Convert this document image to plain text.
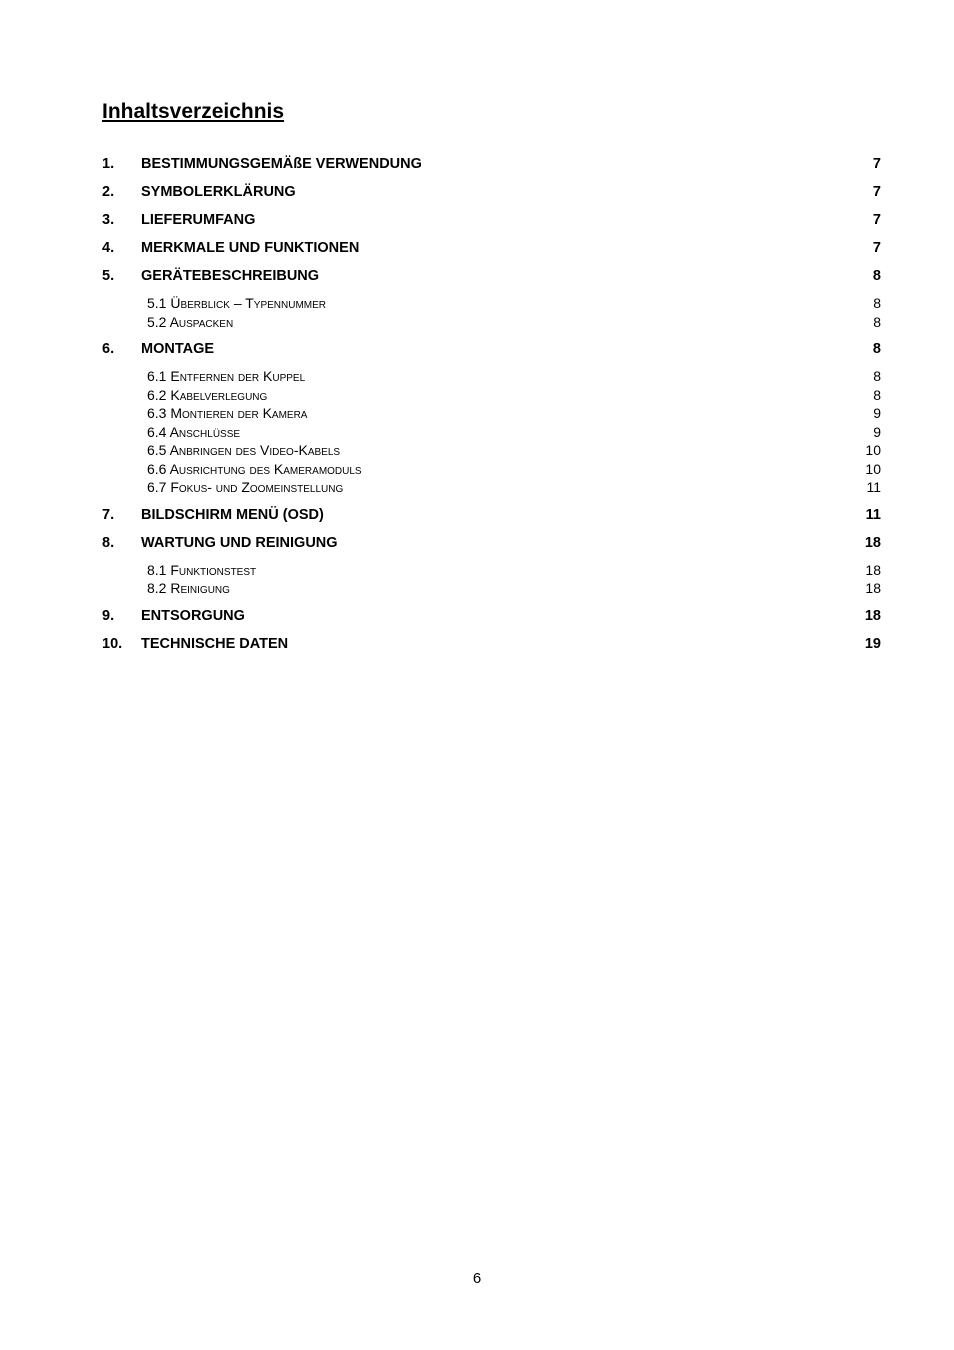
Inhaltsverzeichnis
1.	BESTIMMUNGSGEMÄßE VERWENDUNG	7
2.	SYMBOLERKLÄRUNG	7
3.	LIEFERUMFANG	7
4.	MERKMALE UND FUNKTIONEN	7
5.	GERÄTEBESCHREIBUNG	8
5.1 Überblick – Typennummer	8
5.2 Auspacken	8
6.	MONTAGE	8
6.1 Entfernen der Kuppel	8
6.2 Kabelverlegung	8
6.3 Montieren der Kamera	9
6.4 Anschlüsse	9
6.5 Anbringen des Video-Kabels	10
6.6 Ausrichtung des Kameramoduls	10
6.7 Fokus- und Zoomeinstellung	11
7.	BILDSCHIRM MENÜ (OSD)	11
8.	WARTUNG UND REINIGUNG	18
8.1 Funktionstest	18
8.2 Reinigung	18
9.	ENTSORGUNG	18
10.	TECHNISCHE DATEN	19
6
